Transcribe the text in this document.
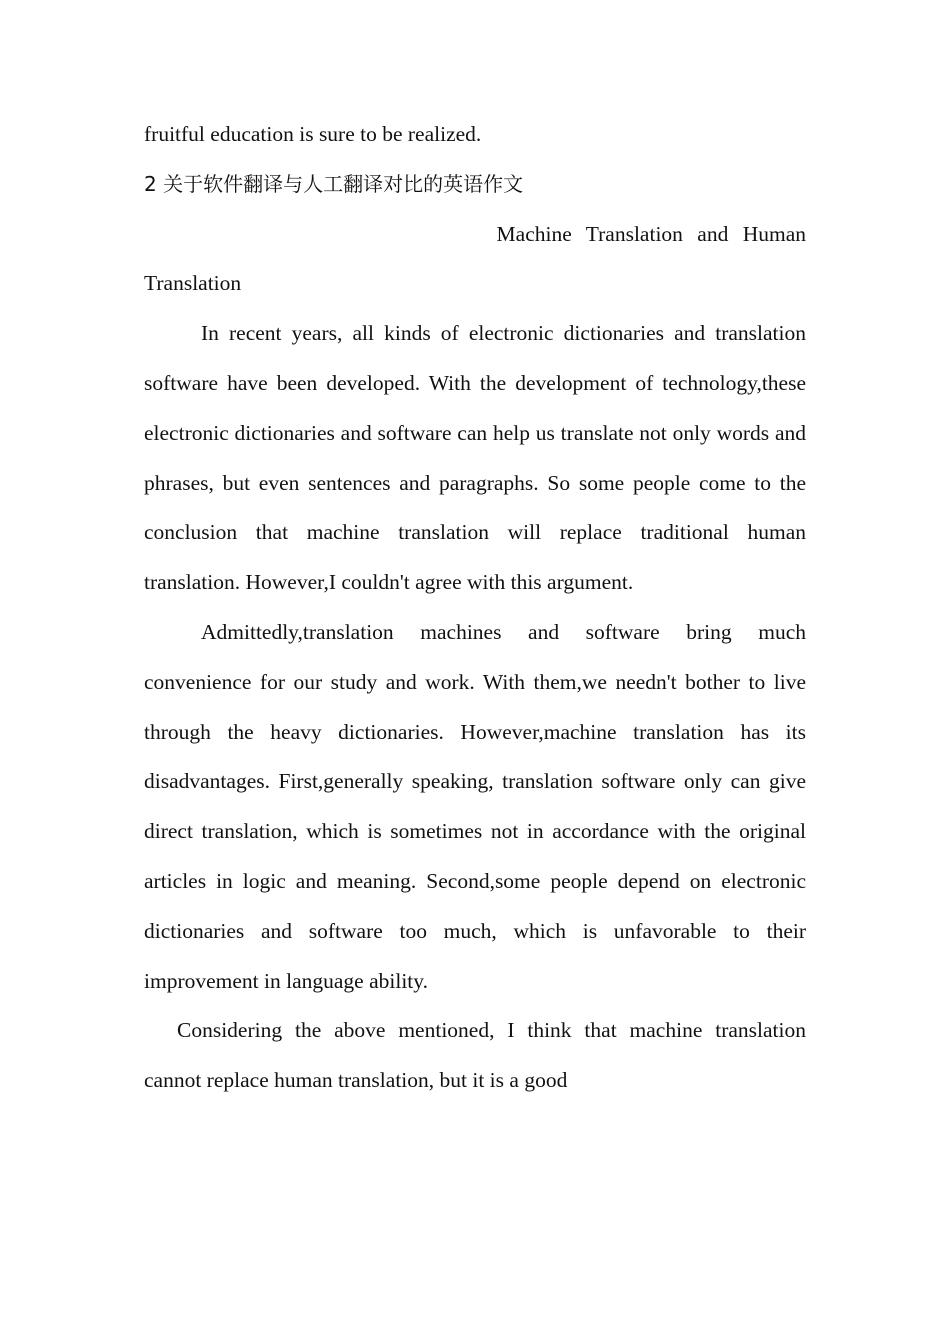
fruitful education is sure to be realized.
2 关于软件翻译与人工翻译对比的英语作文
Machine Translation and Human
Translation

In recent years, all kinds of electronic dictionaries and translation software have been developed. With the development of technology,these electronic dictionaries and software can help us translate not only words and phrases, but even sentences and paragraphs. So some people come to the conclusion that machine translation will replace traditional human translation. However,I couldn't agree with this argument.

Admittedly,translation machines and software bring much convenience for our study and work. With them,we needn't bother to live through the heavy dictionaries. However,machine translation has its disadvantages. First,generally speaking, translation software only can give direct translation, which is sometimes not in accordance with the original articles in logic and meaning. Second,some people depend on electronic dictionaries and software too much, which is unfavorable to their improvement in language ability.

Considering the above mentioned, I think that machine translation cannot replace human translation, but it is a good
